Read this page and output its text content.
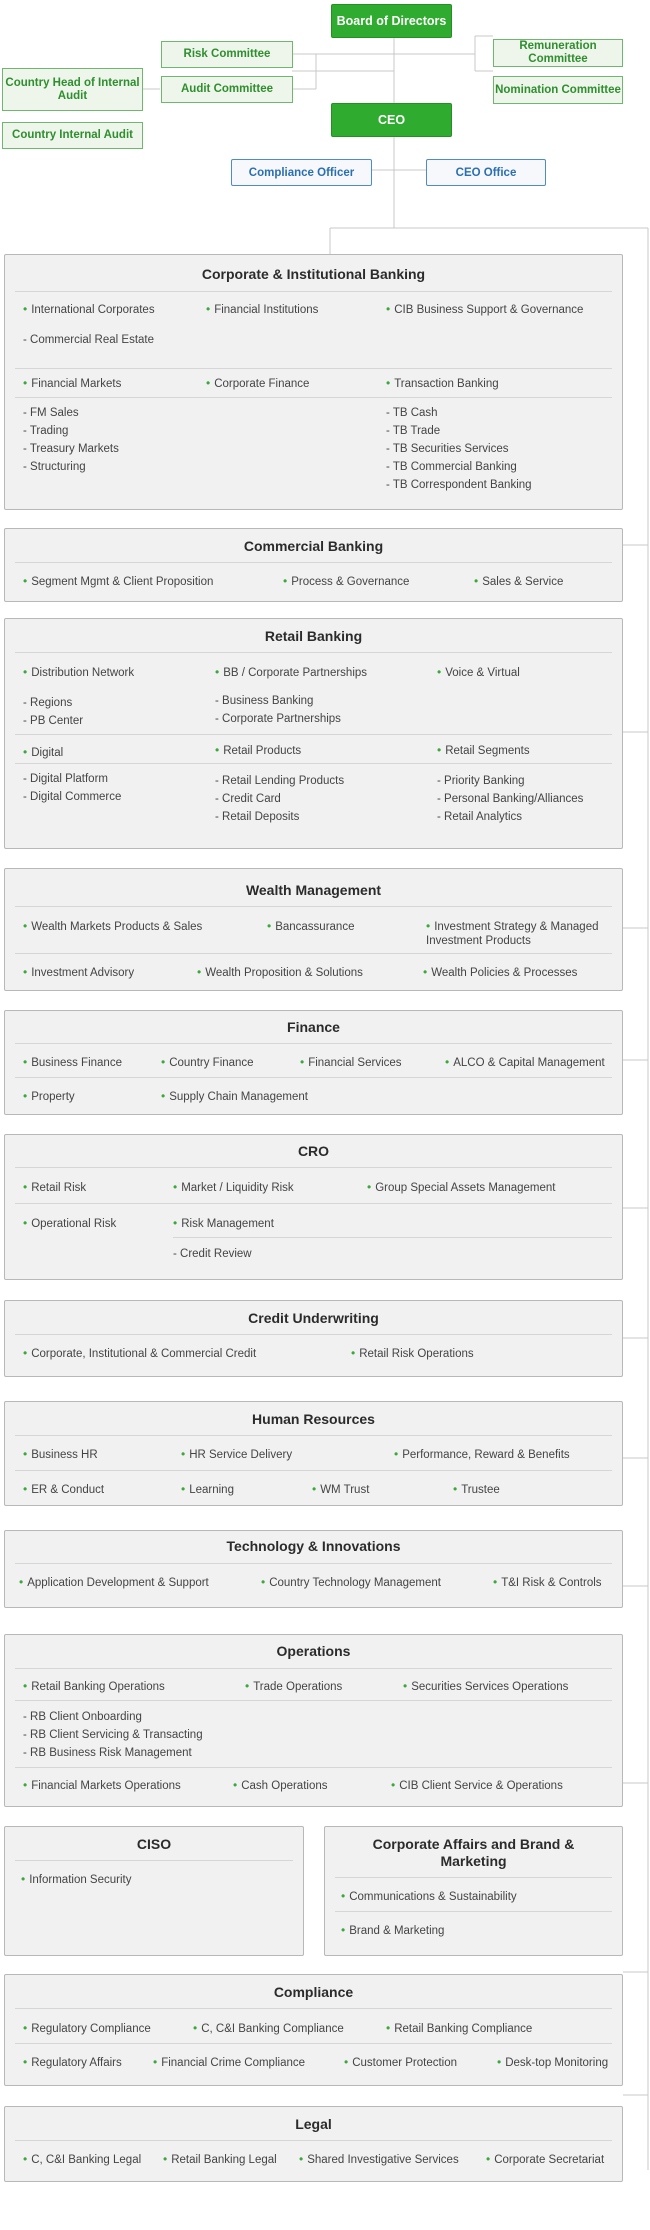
Board of Directors
Risk Committee
Audit Committee
Remuneration Committee
Nomination Committee
Country Head of Internal Audit
Country Internal Audit
CEO
Compliance Officer	CEO Office
Corporate & Institutional Banking
• International Corporates	• Financial Institutions	• CIB Business Support & Governance
- Commercial Real Estate
• Financial Markets	• Corporate Finance	• Transaction Banking
- FM Sales
- Trading
- Treasury Markets
- Structuring
- TB Cash
- TB Trade
- TB Securities Services
- TB Commercial Banking
- TB Correspondent Banking
Commercial Banking
• Segment Mgmt & Client Proposition	• Process & Governance	• Sales & Service
Retail Banking
• Distribution Network	• BB / Corporate Partnerships	• Voice & Virtual
- Regions
- PB Center
- Business Banking
- Corporate Partnerships
• Digital	• Retail Products	• Retail Segments
- Digital Platform
- Digital Commerce
- Retail Lending Products
- Credit Card
- Retail Deposits
- Priority Banking
- Personal Banking/Alliances
- Retail Analytics
Wealth Management
• Wealth Markets Products & Sales	• Bancassurance	• Investment Strategy & Managed Investment Products
• Investment Advisory	• Wealth Proposition & Solutions	• Wealth Policies & Processes
Finance
• Business Finance	• Country Finance	• Financial Services	• ALCO & Capital Management
• Property	• Supply Chain Management
CRO
• Retail Risk	• Market / Liquidity Risk	• Group Special Assets Management
• Operational Risk	• Risk Management
- Credit Review
Credit Underwriting
• Corporate, Institutional & Commercial Credit	• Retail Risk Operations
Human Resources
• Business HR	• HR Service Delivery	• Performance, Reward & Benefits
• ER & Conduct	• Learning	• WM Trust	• Trustee
Technology & Innovations
• Application Development & Support	• Country Technology Management	• T&I Risk & Controls
Operations
• Retail Banking Operations	• Trade Operations	• Securities Services Operations
- RB Client Onboarding
- RB Client Servicing & Transacting
- RB Business Risk Management
• Financial Markets Operations	• Cash Operations	• CIB Client Service & Operations
CISO
• Information Security
Corporate Affairs and Brand & Marketing
• Communications & Sustainability
• Brand & Marketing
Compliance
• Regulatory Compliance	• C, C&I Banking Compliance	• Retail Banking Compliance
• Regulatory Affairs	• Financial Crime Compliance	• Customer Protection	• Desk-top Monitoring
Legal
• C, C&I Banking Legal	• Retail Banking Legal	• Shared Investigative Services	• Corporate Secretariat
